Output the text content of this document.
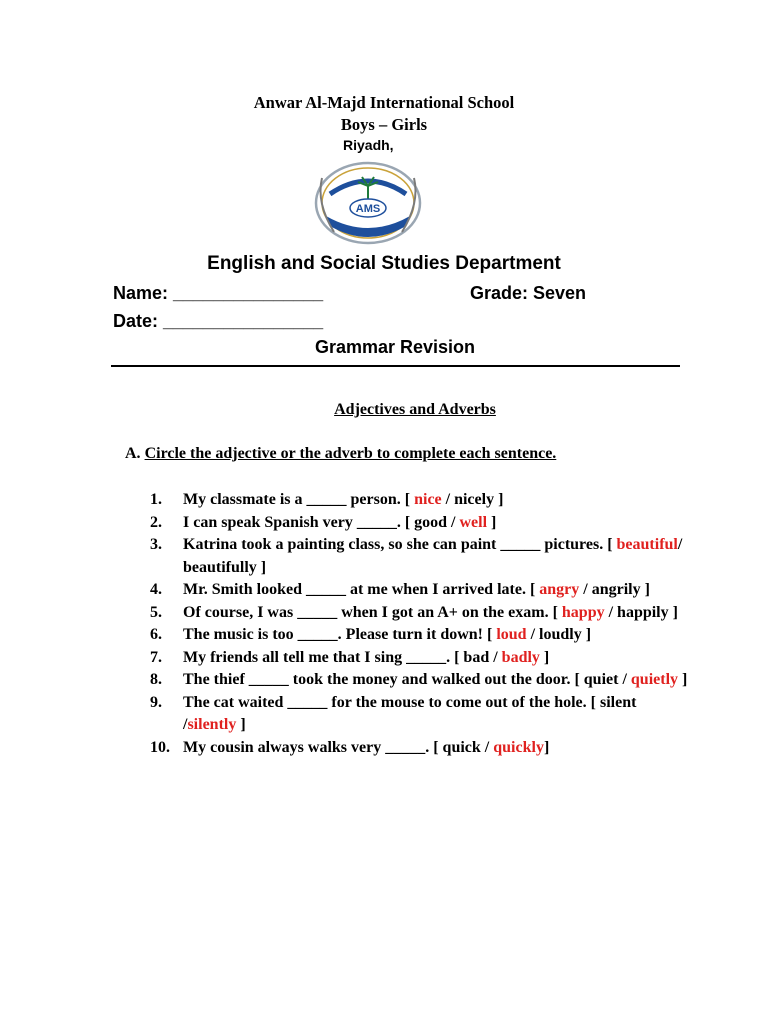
Anwar Al-Majd International School
Boys – Girls
Riyadh,
AMS
English and Social Studies Department
Name: _______________	Grade: Seven
Date: ________________
Grammar Revision
Adjectives and Adverbs
A. Circle the adjective or the adverb to complete each sentence.
1.	My classmate is a _____ person. [ nice / nicely ]
2.	I can speak Spanish very _____. [ good / well ]
3.	Katrina took a painting class, so she can paint _____ pictures. [ beautiful/ beautifully ]
4.	Mr. Smith looked _____ at me when I arrived late. [ angry / angrily ]
5.	Of course, I was _____ when I got an A+ on the exam. [ happy / happily ]
6.	The music is too _____. Please turn it down! [ loud / loudly ]
7.	My friends all tell me that I sing _____. [ bad / badly ]
8.	The thief _____ took the money and walked out the door. [ quiet / quietly ]
9.	The cat waited _____ for the mouse to come out of the hole. [ silent /silently ]
10. My cousin always walks very _____. [ quick / quickly]
